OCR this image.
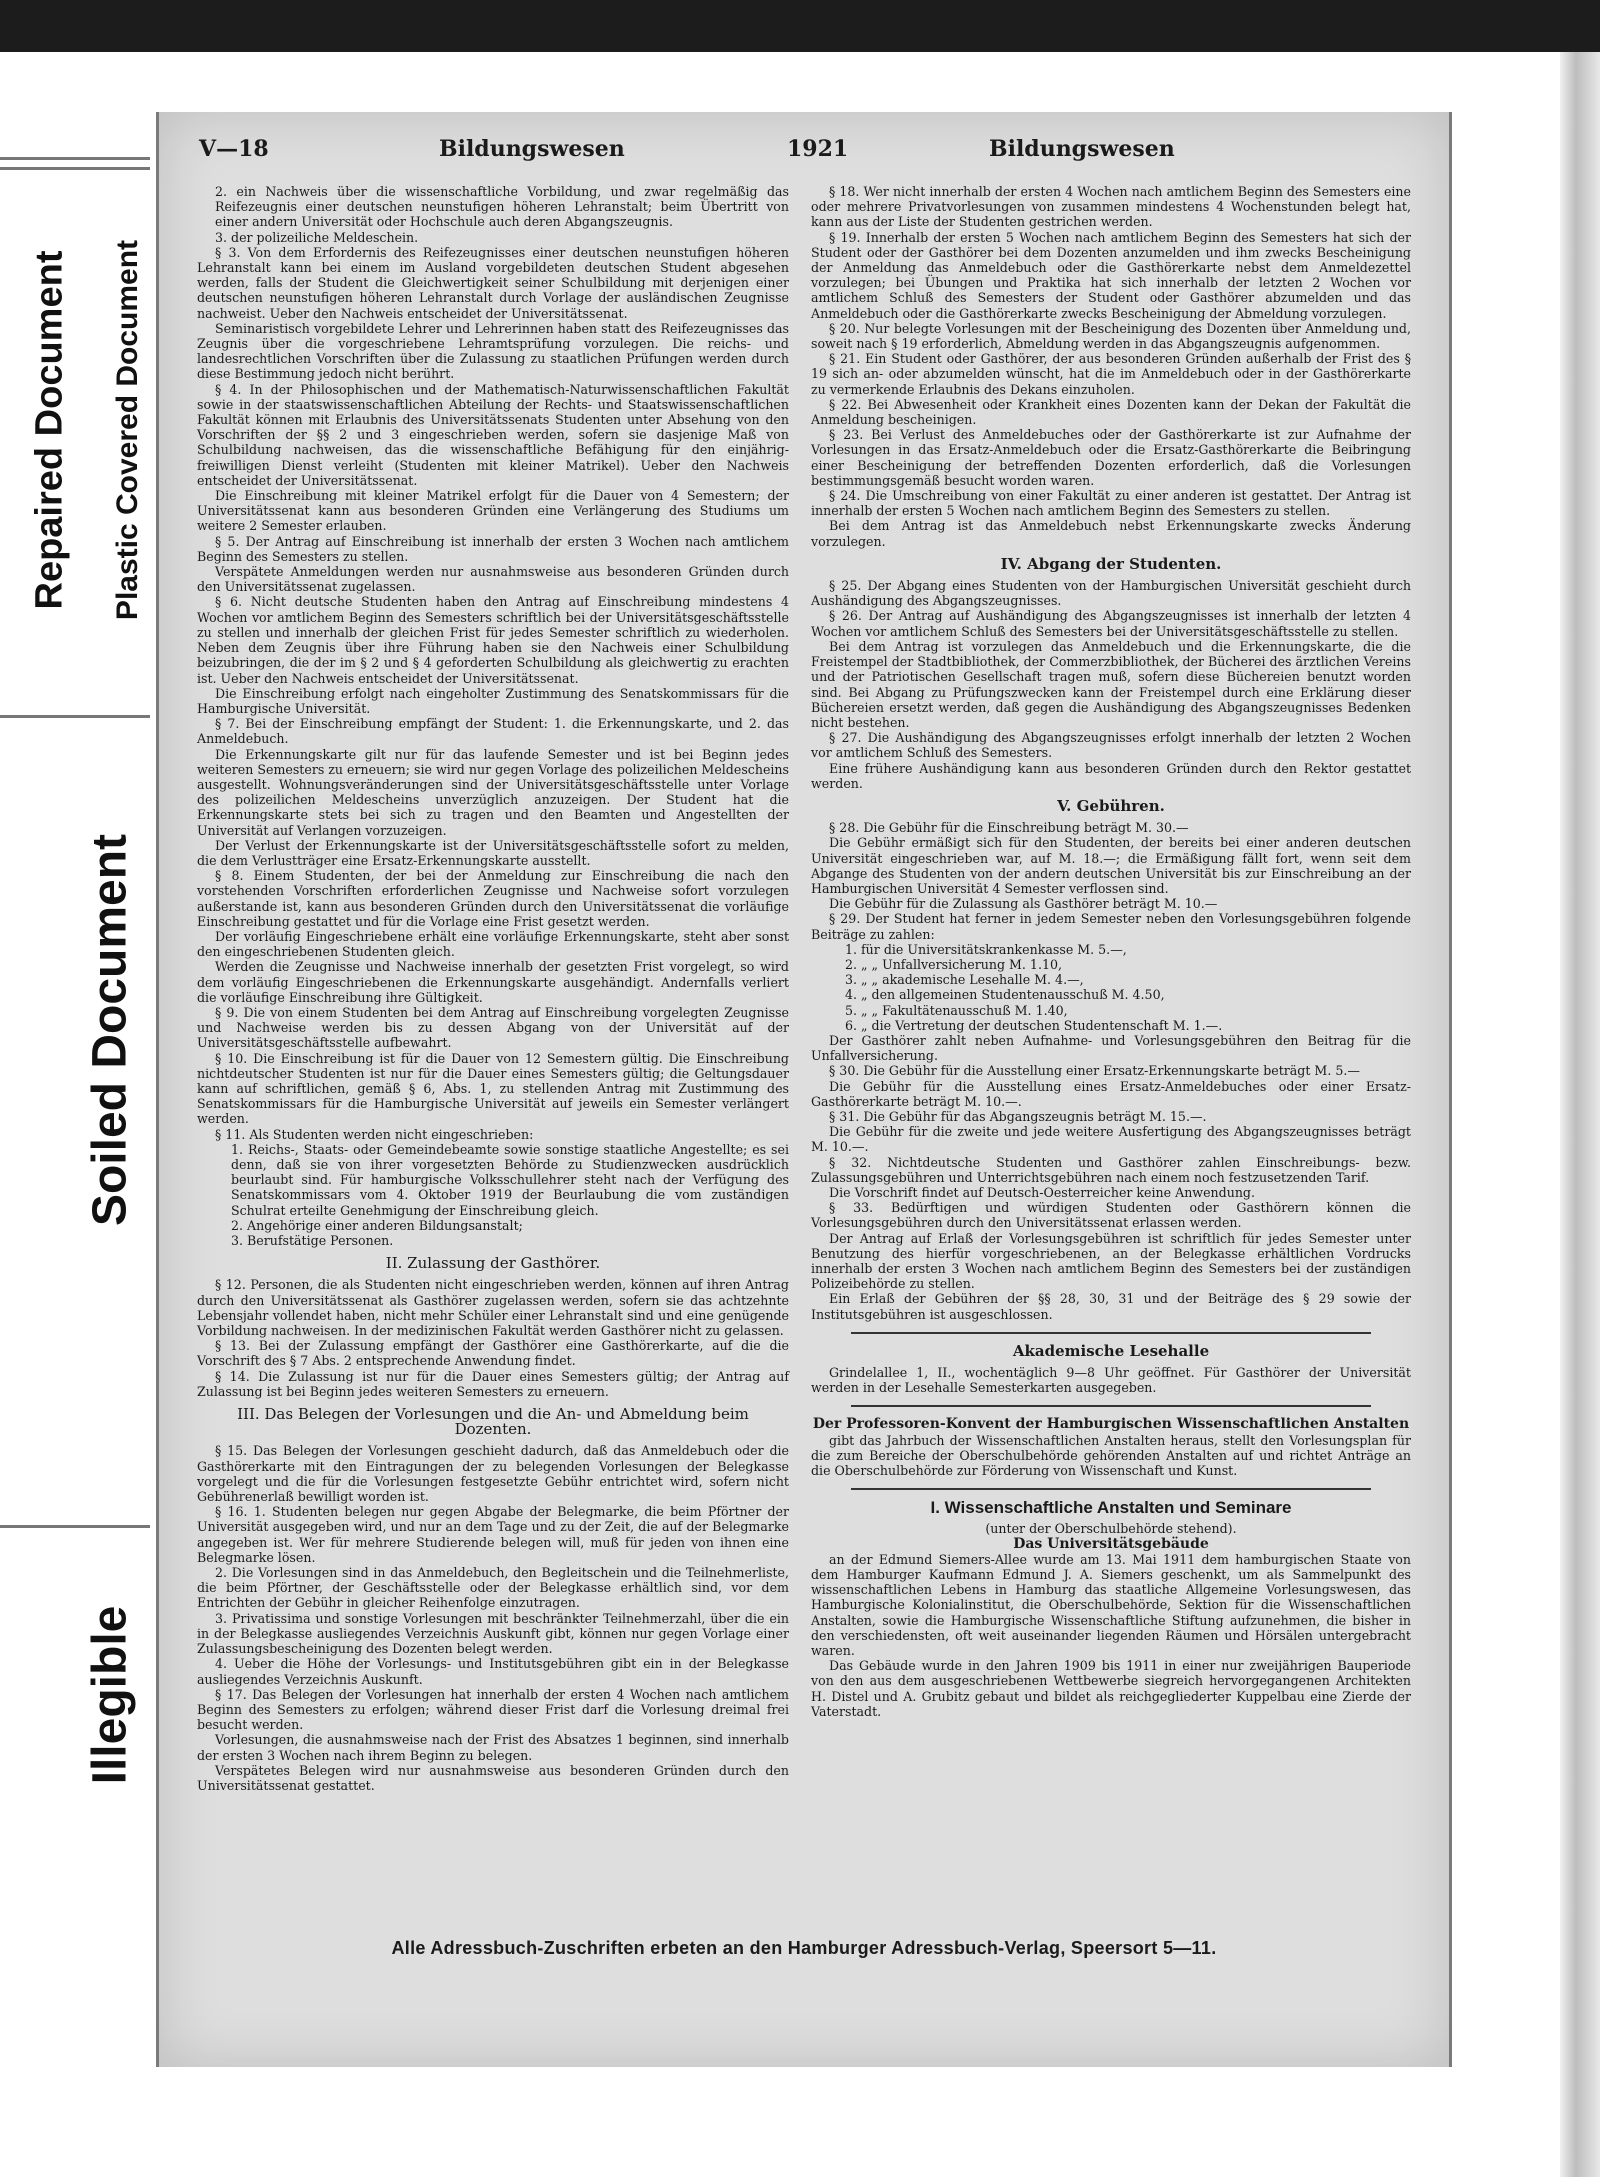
Repaired Document Plastic Covered Document
Soiled Document
Illegible
V—18	Bildungswesen	1921	Bildungswesen

2. ein Nachweis über die wissenschaftliche Vorbildung, und zwar regelmäßig das Reifezeugnis einer deutschen neunstufigen höheren Lehranstalt; beim Übertritt von einer andern Universität oder Hochschule auch deren Abgangszeugnis.

3. der polizeiliche Meldeschein.

§ 3. Von dem Erfordernis des Reifezeugnisses einer deutschen neunstufigen höheren Lehranstalt kann bei einem im Ausland vorgebildeten deutschen Student abgesehen werden, falls der Student die Gleichwertigkeit seiner Schulbildung mit derjenigen einer deutschen neunstufigen höheren Lehranstalt durch Vorlage der ausländischen Zeugnisse nachweist. Ueber den Nachweis entscheidet der Universitätssenat.

Seminaristisch vorgebildete Lehrer und Lehrerinnen haben statt des Reifezeugnisses das Zeugnis über die vorgeschriebene Lehramtsprüfung vorzulegen. Die reichs- und landesrechtlichen Vorschriften über die Zulassung zu staatlichen Prüfungen werden durch diese Bestimmung jedoch nicht berührt.

§ 4. In der Philosophischen und der Mathematisch-Naturwissenschaftlichen Fakultät sowie in der staatswissenschaftlichen Abteilung der Rechts- und Staatswissenschaftlichen Fakultät können mit Erlaubnis des Universitätssenats Studenten unter Absehung von den Vorschriften der §§ 2 und 3 eingeschrieben werden, sofern sie dasjenige Maß von Schulbildung nachweisen, das die wissenschaftliche Befähigung für den einjährig-freiwilligen Dienst verleiht (Studenten mit kleiner Matrikel). Ueber den Nachweis entscheidet der Universitätssenat.

Die Einschreibung mit kleiner Matrikel erfolgt für die Dauer von 4 Semestern; der Universitätssenat kann aus besonderen Gründen eine Verlängerung des Studiums um weitere 2 Semester erlauben.

§ 5. Der Antrag auf Einschreibung ist innerhalb der ersten 3 Wochen nach amtlichem Beginn des Semesters zu stellen.

Verspätete Anmeldungen werden nur ausnahmsweise aus besonderen Gründen durch den Universitätssenat zugelassen.

§ 6. Nicht deutsche Studenten haben den Antrag auf Einschreibung mindestens 4 Wochen vor amtlichem Beginn des Semesters schriftlich bei der Universitätsgeschäftsstelle zu stellen und innerhalb der gleichen Frist für jedes Semester schriftlich zu wiederholen. Neben dem Zeugnis über ihre Führung haben sie den Nachweis einer Schulbildung beizubringen, die der im § 2 und § 4 geforderten Schulbildung als gleichwertig zu erachten ist. Ueber den Nachweis entscheidet der Universitätssenat.

Die Einschreibung erfolgt nach eingeholter Zustimmung des Senatskommissars für die Hamburgische Universität.

§ 7. Bei der Einschreibung empfängt der Student: 1. die Erkennungskarte, und 2. das Anmeldebuch.

Die Erkennungskarte gilt nur für das laufende Semester und ist bei Beginn jedes weiteren Semesters zu erneuern; sie wird nur gegen Vorlage des polizeilichen Meldescheins ausgestellt. Wohnungsveränderungen sind der Universitätsgeschäftsstelle unter Vorlage des polizeilichen Meldescheins unverzüglich anzuzeigen. Der Student hat die Erkennungskarte stets bei sich zu tragen und den Beamten und Angestellten der Universität auf Verlangen vorzuzeigen.

Der Verlust der Erkennungskarte ist der Universitätsgeschäftsstelle sofort zu melden, die dem Verlustträger eine Ersatz-Erkennungskarte ausstellt.

§ 8. Einem Studenten, der bei der Anmeldung zur Einschreibung die nach den vorstehenden Vorschriften erforderlichen Zeugnisse und Nachweise sofort vorzulegen außerstande ist, kann aus besonderen Gründen durch den Universitätssenat die vorläufige Einschreibung gestattet und für die Vorlage eine Frist gesetzt werden.

Der vorläufig Eingeschriebene erhält eine vorläufige Erkennungskarte, steht aber sonst den eingeschriebenen Studenten gleich.

Werden die Zeugnisse und Nachweise innerhalb der gesetzten Frist vorgelegt, so wird dem vorläufig Eingeschriebenen die Erkennungskarte ausgehändigt. Andernfalls verliert die vorläufige Einschreibung ihre Gültigkeit.

§ 9. Die von einem Studenten bei dem Antrag auf Einschreibung vorgelegten Zeugnisse und Nachweise werden bis zu dessen Abgang von der Universität auf der Universitätsgeschäftsstelle aufbewahrt.

§ 10. Die Einschreibung ist für die Dauer von 12 Semestern gültig. Die Einschreibung nichtdeutscher Studenten ist nur für die Dauer eines Semesters gültig; die Geltungsdauer kann auf schriftlichen, gemäß § 6, Abs. 1, zu stellenden Antrag mit Zustimmung des Senatskommissars für die Hamburgische Universität auf jeweils ein Semester verlängert werden.

§ 11. Als Studenten werden nicht eingeschrieben:

1. Reichs-, Staats- oder Gemeindebeamte sowie sonstige staatliche Angestellte; es sei denn, daß sie von ihrer vorgesetzten Behörde zu Studienzwecken ausdrücklich beurlaubt sind. Für hamburgische Volksschullehrer steht nach der Verfügung des Senatskommissars vom 4. Oktober 1919 der Beurlaubung die vom zuständigen Schulrat erteilte Genehmigung der Einschreibung gleich.

2. Angehörige einer anderen Bildungsanstalt;

3. Berufstätige Personen.

II. Zulassung der Gasthörer.

§ 12. Personen, die als Studenten nicht eingeschrieben werden, können auf ihren Antrag durch den Universitätssenat als Gasthörer zugelassen werden, sofern sie das achtzehnte Lebensjahr vollendet haben, nicht mehr Schüler einer Lehranstalt sind und eine genügende Vorbildung nachweisen. In der medizinischen Fakultät werden Gasthörer nicht zu gelassen.

§ 13. Bei der Zulassung empfängt der Gasthörer eine Gasthörerkarte, auf die die Vorschrift des § 7 Abs. 2 entsprechende Anwendung findet.

§ 14. Die Zulassung ist nur für die Dauer eines Semesters gültig; der Antrag auf Zulassung ist bei Beginn jedes weiteren Semesters zu erneuern.

III. Das Belegen der Vorlesungen und die An- und Abmeldung beim Dozenten.

§ 15. Das Belegen der Vorlesungen geschieht dadurch, daß das Anmeldebuch oder die Gasthörerkarte mit den Eintragungen der zu belegenden Vorlesungen der Belegkasse vorgelegt und die für die Vorlesungen festgesetzte Gebühr entrichtet wird, sofern nicht Gebührenerlaß bewilligt worden ist.

§ 16. 1. Studenten belegen nur gegen Abgabe der Belegmarke, die beim Pförtner der Universität ausgegeben wird, und nur an dem Tage und zu der Zeit, die auf der Belegmarke angegeben ist. Wer für mehrere Studierende belegen will, muß für jeden von ihnen eine Belegmarke lösen.

2. Die Vorlesungen sind in das Anmeldebuch, den Begleitschein und die Teilnehmerliste, die beim Pförtner, der Geschäftsstelle oder der Belegkasse erhältlich sind, vor dem Entrichten der Gebühr in gleicher Reihenfolge einzutragen.

3. Privatissima und sonstige Vorlesungen mit beschränkter Teilnehmerzahl, über die ein in der Belegkasse ausliegendes Verzeichnis Auskunft gibt, können nur gegen Vorlage einer Zulassungsbescheinigung des Dozenten belegt werden.

4. Ueber die Höhe der Vorlesungs- und Institutsgebühren gibt ein in der Belegkasse ausliegendes Verzeichnis Auskunft.

§ 17. Das Belegen der Vorlesungen hat innerhalb der ersten 4 Wochen nach amtlichem Beginn des Semesters zu erfolgen; während dieser Frist darf die Vorlesung dreimal frei besucht werden.

Vorlesungen, die ausnahmsweise nach der Frist des Absatzes 1 beginnen, sind innerhalb der ersten 3 Wochen nach ihrem Beginn zu belegen.

Verspätetes Belegen wird nur ausnahmsweise aus besonderen Gründen durch den Universitätssenat gestattet.

§ 18. Wer nicht innerhalb der ersten 4 Wochen nach amtlichem Beginn des Semesters eine oder mehrere Privatvorlesungen von zusammen mindestens 4 Wochenstunden belegt hat, kann aus der Liste der Studenten gestrichen werden.

§ 19. Innerhalb der ersten 5 Wochen nach amtlichem Beginn des Semesters hat sich der Student oder der Gasthörer bei dem Dozenten anzumelden und ihm zwecks Bescheinigung der Anmeldung das Anmeldebuch oder die Gasthörerkarte nebst dem Anmeldezettel vorzulegen; bei Übungen und Praktika hat sich innerhalb der letzten 2 Wochen vor amtlichem Schluß des Semesters der Student oder Gasthörer abzumelden und das Anmeldebuch oder die Gasthörerkarte zwecks Bescheinigung der Abmeldung vorzulegen.

§ 20. Nur belegte Vorlesungen mit der Bescheinigung des Dozenten über Anmeldung und, soweit nach § 19 erforderlich, Abmeldung werden in das Abgangszeugnis aufgenommen.

§ 21. Ein Student oder Gasthörer, der aus besonderen Gründen außerhalb der Frist des § 19 sich an- oder abzumelden wünscht, hat die im Anmeldebuch oder in der Gasthörerkarte zu vermerkende Erlaubnis des Dekans einzuholen.

§ 22. Bei Abwesenheit oder Krankheit eines Dozenten kann der Dekan der Fakultät die Anmeldung bescheinigen.

§ 23. Bei Verlust des Anmeldebuches oder der Gasthörerkarte ist zur Aufnahme der Vorlesungen in das Ersatz-Anmeldebuch oder die Ersatz-Gasthörerkarte die Beibringung einer Bescheinigung der betreffenden Dozenten erforderlich, daß die Vorlesungen bestimmungsgemäß besucht worden waren.

§ 24. Die Umschreibung von einer Fakultät zu einer anderen ist gestattet. Der Antrag ist innerhalb der ersten 5 Wochen nach amtlichem Beginn des Semesters zu stellen.

Bei dem Antrag ist das Anmeldebuch nebst Erkennungskarte zwecks Änderung vorzulegen.

IV. Abgang der Studenten.

§ 25. Der Abgang eines Studenten von der Hamburgischen Universität geschieht durch Aushändigung des Abgangszeugnisses.

§ 26. Der Antrag auf Aushändigung des Abgangszeugnisses ist innerhalb der letzten 4 Wochen vor amtlichem Schluß des Semesters bei der Universitätsgeschäftsstelle zu stellen.

Bei dem Antrag ist vorzulegen das Anmeldebuch und die Erkennungskarte, die die Freistempel der Stadtbibliothek, der Commerzbibliothek, der Bücherei des ärztlichen Vereins und der Patriotischen Gesellschaft tragen muß, sofern diese Büchereien benutzt worden sind. Bei Abgang zu Prüfungszwecken kann der Freistempel durch eine Erklärung dieser Büchereien ersetzt werden, daß gegen die Aushändigung des Abgangszeugnisses Bedenken nicht bestehen.

§ 27. Die Aushändigung des Abgangszeugnisses erfolgt innerhalb der letzten 2 Wochen vor amtlichem Schluß des Semesters.

Eine frühere Aushändigung kann aus besonderen Gründen durch den Rektor gestattet werden.

V. Gebühren.

§ 28. Die Gebühr für die Einschreibung beträgt M. 30.—

Die Gebühr ermäßigt sich für den Studenten, der bereits bei einer anderen deutschen Universität eingeschrieben war, auf M. 18.—; die Ermäßigung fällt fort, wenn seit dem Abgange des Studenten von der andern deutschen Universität bis zur Einschreibung an der Hamburgischen Universität 4 Semester verflossen sind.

Die Gebühr für die Zulassung als Gasthörer beträgt M. 10.—

§ 29. Der Student hat ferner in jedem Semester neben den Vorlesungsgebühren folgende Beiträge zu zahlen:

1. für die Universitätskrankenkasse M. 5.—,

2. „ „ Unfallversicherung M. 1.10,

3. „ „ akademische Lesehalle M. 4.—,

4. „ den allgemeinen Studentenausschuß M. 4.50,

5. „ „ Fakultätenausschuß M. 1.40,

6. „ die Vertretung der deutschen Studentenschaft M. 1.—.

Der Gasthörer zahlt neben Aufnahme- und Vorlesungsgebühren den Beitrag für die Unfallversicherung.

§ 30. Die Gebühr für die Ausstellung einer Ersatz-Erkennungskarte beträgt M. 5.—

Die Gebühr für die Ausstellung eines Ersatz-Anmeldebuches oder einer Ersatz-Gasthörerkarte beträgt M. 10.—.

§ 31. Die Gebühr für das Abgangszeugnis beträgt M. 15.—.

Die Gebühr für die zweite und jede weitere Ausfertigung des Abgangszeugnisses beträgt M. 10.—.

§ 32. Nichtdeutsche Studenten und Gasthörer zahlen Einschreibungs- bezw. Zulassungsgebühren und Unterrichtsgebühren nach einem noch festzusetzenden Tarif.

Die Vorschrift findet auf Deutsch-Oesterreicher keine Anwendung.

§ 33. Bedürftigen und würdigen Studenten oder Gasthörern können die Vorlesungsgebühren durch den Universitätssenat erlassen werden.

Der Antrag auf Erlaß der Vorlesungsgebühren ist schriftlich für jedes Semester unter Benutzung des hierfür vorgeschriebenen, an der Belegkasse erhältlichen Vordrucks innerhalb der ersten 3 Wochen nach amtlichem Beginn des Semesters bei der zuständigen Polizeibehörde zu stellen.

Ein Erlaß der Gebühren der §§ 28, 30, 31 und der Beiträge des § 29 sowie der Institutsgebühren ist ausgeschlossen.

Akademische Lesehalle

Grindelallee 1, II., wochentäglich 9—8 Uhr geöffnet. Für Gasthörer der Universität werden in der Lesehalle Semesterkarten ausgegeben.

Der Professoren-Konvent der Hamburgischen Wissenschaftlichen Anstalten

gibt das Jahrbuch der Wissenschaftlichen Anstalten heraus, stellt den Vorlesungsplan für die zum Bereiche der Oberschulbehörde gehörenden Anstalten auf und richtet Anträge an die Oberschulbehörde zur Förderung von Wissenschaft und Kunst.

I. Wissenschaftliche Anstalten und Seminare

(unter der Oberschulbehörde stehend).

Das Universitätsgebäude

an der Edmund Siemers-Allee wurde am 13. Mai 1911 dem hamburgischen Staate von dem Hamburger Kaufmann Edmund J. A. Siemers geschenkt, um als Sammelpunkt des wissenschaftlichen Lebens in Hamburg das staatliche Allgemeine Vorlesungswesen, das Hamburgische Kolonialinstitut, die Oberschulbehörde, Sektion für die Wissenschaftlichen Anstalten, sowie die Hamburgische Wissenschaftliche Stiftung aufzunehmen, die bisher in den verschiedensten, oft weit auseinander liegenden Räumen und Hörsälen untergebracht waren.

Das Gebäude wurde in den Jahren 1909 bis 1911 in einer nur zweijährigen Bauperiode von den aus dem ausgeschriebenen Wettbewerbe siegreich hervorgegangenen Architekten H. Distel und A. Grubitz gebaut und bildet als reichgegliederter Kuppelbau eine Zierde der Vaterstadt.

Alle Adressbuch-Zuschriften erbeten an den Hamburger Adressbuch-Verlag, Speersort 5—11.
